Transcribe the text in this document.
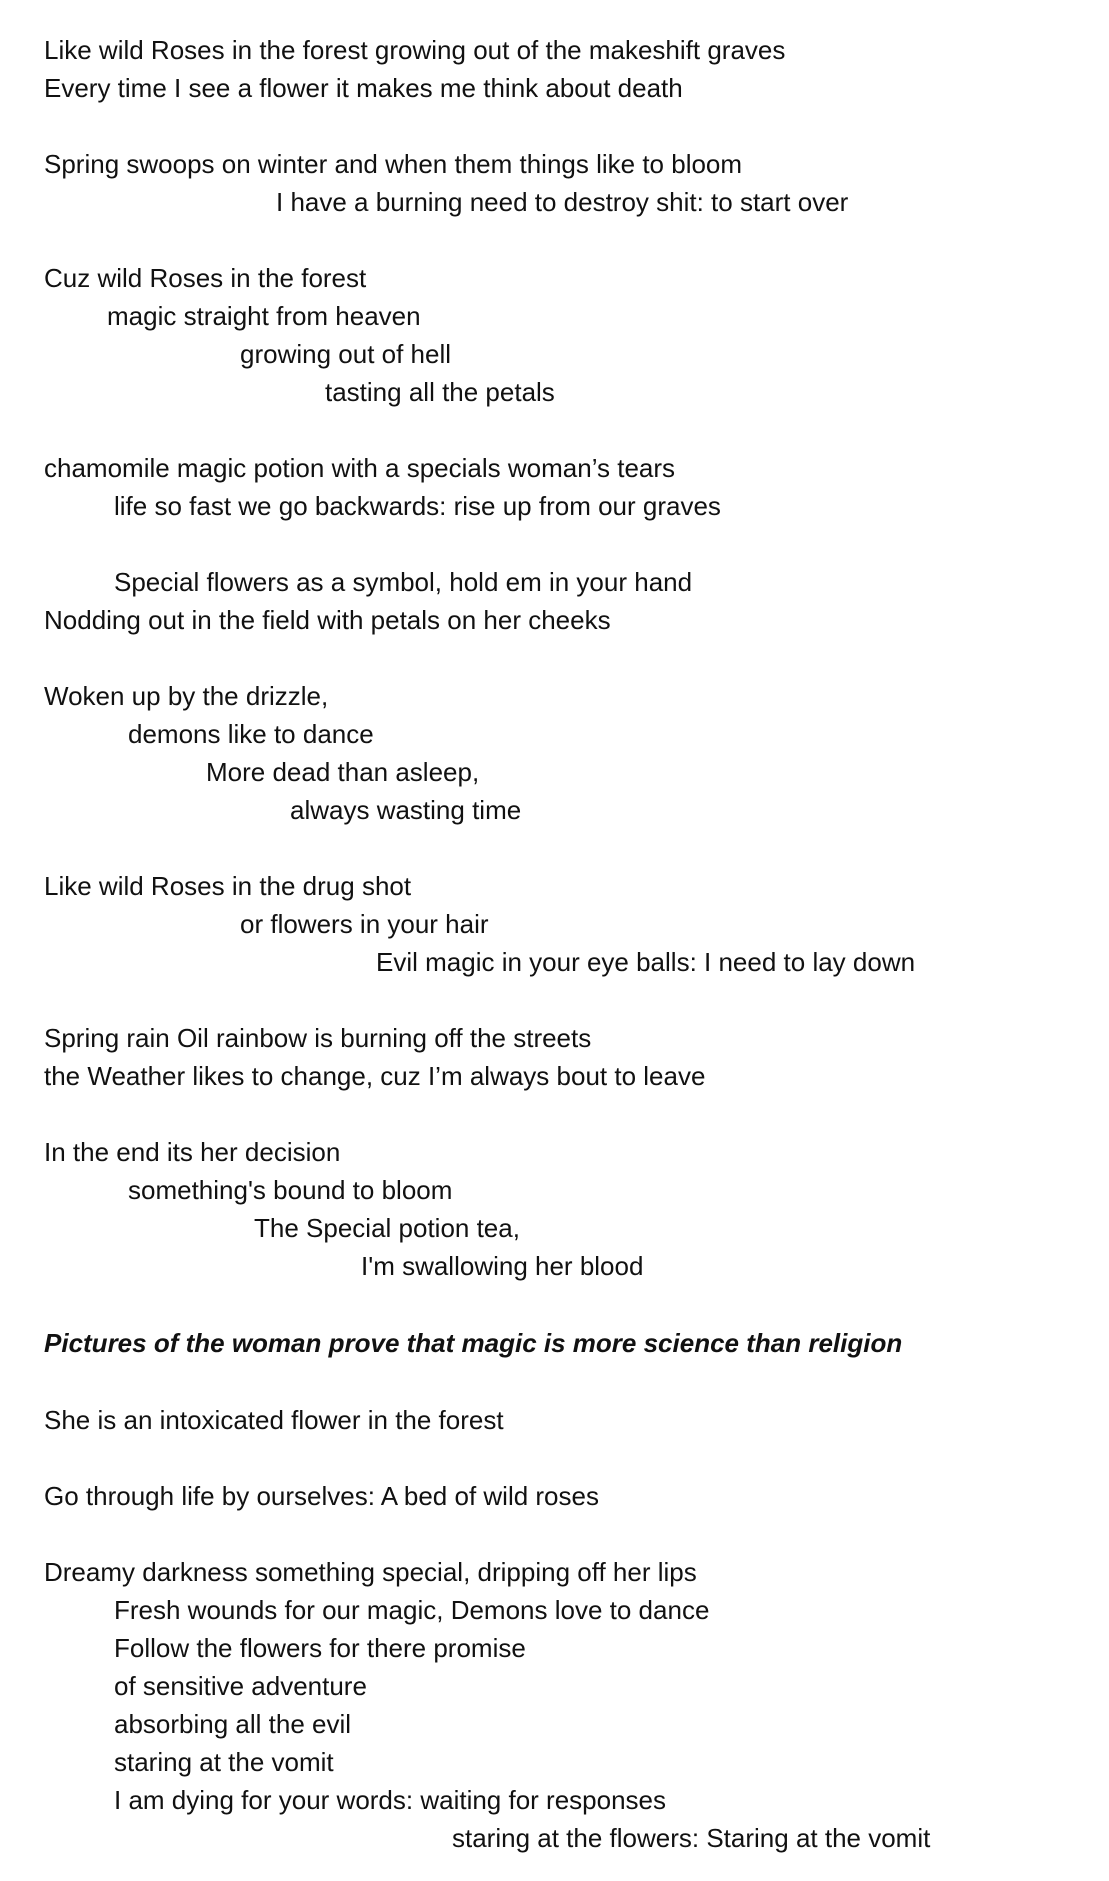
Like wild Roses in the forest growing out of the makeshift graves
Every time I see a flower it makes me think about death
Spring swoops on winter and when them things like to bloom
I have a burning need to destroy shit: to start over
Cuz wild Roses in the forest
magic straight from heaven
growing out of hell
tasting all the petals
chamomile magic potion with a specials woman’s tears
life so fast we go backwards: rise up from our graves
Special flowers as a symbol, hold em in your hand
Nodding out in the field with petals on her cheeks
Woken up by the drizzle,
demons like to dance
More dead than asleep,
always wasting time
Like wild Roses in the drug shot
or flowers in your hair
Evil magic in your eye balls: I need to lay down
Spring rain Oil rainbow is burning off the streets
the Weather likes to change, cuz I’m always bout to leave
In the end its her decision
something's bound to bloom
The Special potion tea,
I'm swallowing her blood
Pictures of the woman prove that magic is more science than religion
She is an intoxicated flower in the forest
Go through life by ourselves: A bed of wild roses
Dreamy darkness something special, dripping off her lips
Fresh wounds for our magic, Demons love to dance
Follow the flowers for there promise
of sensitive adventure
absorbing all the evil
staring at the vomit
I am dying for your words: waiting for responses
staring at the flowers: Staring at the vomit
